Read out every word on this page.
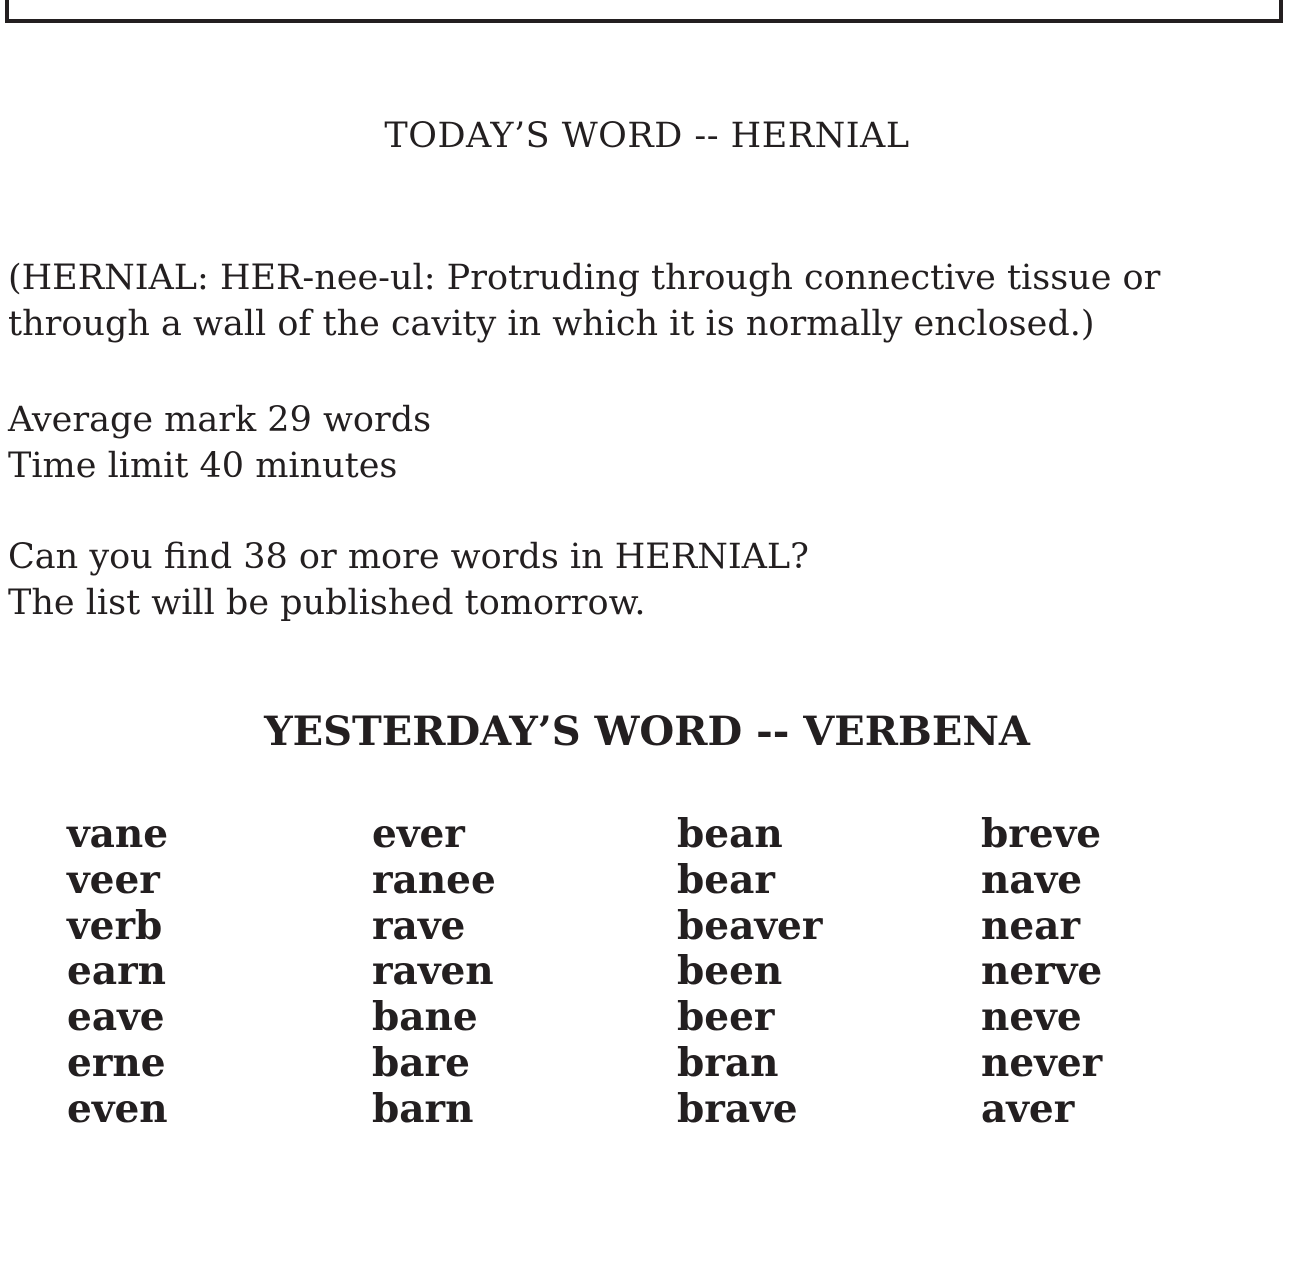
TODAY’S WORD -- HERNIAL

(HERNIAL: HER-nee-ul: Protruding through connective tissue or

through a wall of the cavity in which it is normally enclosed.)

Average mark 29 words

Time limit 40 minutes

Can you find 38 or more words in HERNIAL?

The list will be published tomorrow.

YESTERDAY’S WORD -- VERBENA
vane
veer
verb
earn
eave
erne
even
ever
ranee
rave
raven
bane
bare
barn
bean
bear
beaver
been
beer
bran
brave
breve
nave
near
nerve
neve
never
aver
